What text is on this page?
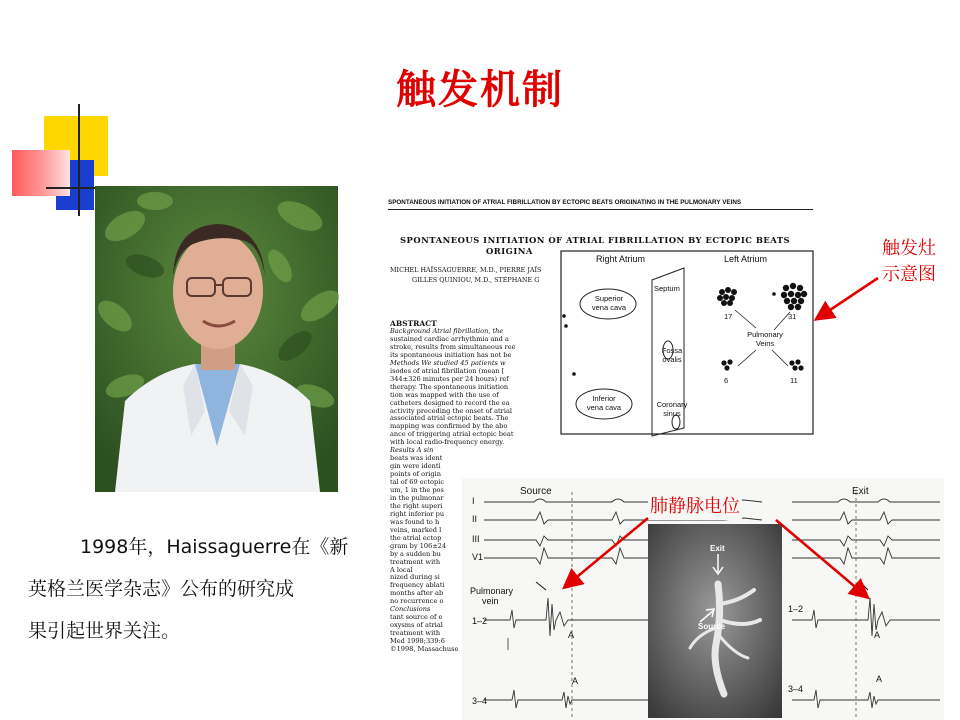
触发机制
1998年，Haissaguerre在《新
英格兰医学杂志》公布的研究成
果引起世界关注。
SPONTANEOUS INITIATION OF ATRIAL FIBRILLATION BY ECTOPIC BEATS ORIGINATING IN THE PULMONARY VEINS
SPONTANEOUS INITIATION OF ATRIAL FIBRILLATION BY ECTOPIC BEATS
ORIGINA
MICHEL HAÏSSAGUERRE, M.D., PIERRE JAÏS
GILLES QUINIOU, M.D., STÉPHANE G
ABSTRACT
Background Atrial fibrillation, the
sustained cardiac arrhythmia and a
stroke, results from simultaneous ree
its spontaneous initiation has not be
Methods We studied 45 patients w
isodes of atrial fibrillation (mean [
344±326 minutes per 24 hours) ref
therapy. The spontaneous initiation
tion was mapped with the use of
catheters designed to record the ea
activity preceding the onset of atrial
associated atrial ectopic beats. The
mapping was confirmed by the abo
ance of triggering atrial ectopic beat
with local radio-frequency energy.
Results A sin
beats was ident
gin were identi
points of origin
tal of 69 ectopic
um, 1 in the pos
in the pulmonar
the right superi
right inferior pu
was found to h
veins, marked l
the atrial ectop
gram by 106±24
by a sudden bu
treatment with
A local
nized during si
frequency ablati
months after ab
no recurrence o
Conclusions
tant source of e
oxysms of atrial
treatment with
Med 1998;339:6
©1998, Massachuse
Right Atrium	Left Atrium
Superior vena cava
Septum
Fossa ovalis
Inferior vena cava	Coronary sinus
Pulmonary Veins
17	31
6	11
触发灶
示意图
Source	Exit
I
II
III
V1
Pulmonary
vein
1–2
3–4
1–2
3–4
A
A
A
A
Exit
Source
肺静脉电位
